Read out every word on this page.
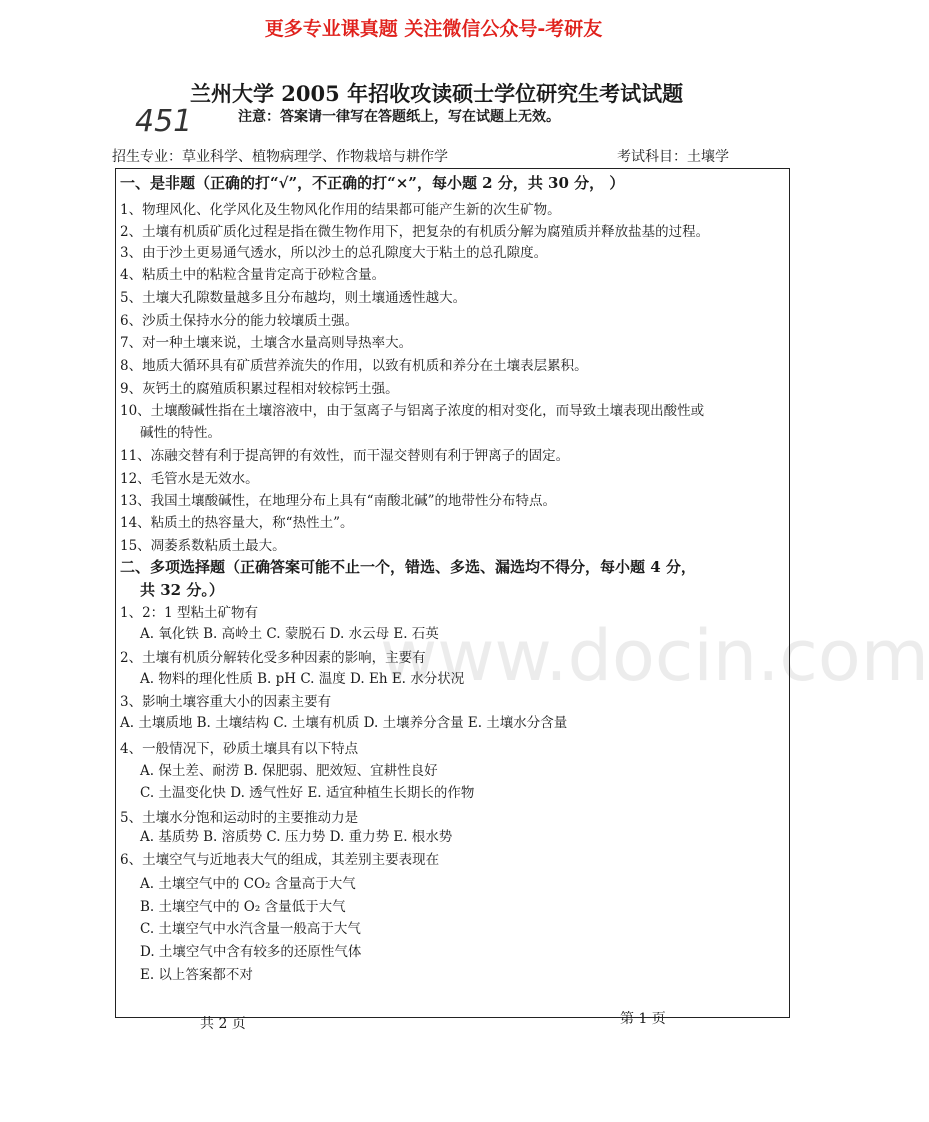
更多专业课真题 关注微信公众号-考研友
兰州大学 2005 年招收攻读硕士学位研究生考试试题
451	注意：答案请一律写在答题纸上，写在试题上无效。
招生专业：草业科学、植物病理学、作物栽培与耕作学	考试科目：土壤学
www.docin.com
一、是非题（正确的打“√”，不正确的打“×”，每小题 2 分，共 30 分， ）
1、物理风化、化学风化及生物风化作用的结果都可能产生新的次生矿物。
2、土壤有机质矿质化过程是指在微生物作用下，把复杂的有机质分解为腐殖质并释放盐基的过程。
3、由于沙土更易通气透水，所以沙土的总孔隙度大于粘土的总孔隙度。
4、粘质土中的粘粒含量肯定高于砂粒含量。
5、土壤大孔隙数量越多且分布越均，则土壤通透性越大。
6、沙质土保持水分的能力较壤质土强。
7、对一种土壤来说，土壤含水量高则导热率大。
8、地质大循环具有矿质营养流失的作用，以致有机质和养分在土壤表层累积。
9、灰钙土的腐殖质积累过程相对较棕钙土强。
10、土壤酸碱性指在土壤溶液中，由于氢离子与铝离子浓度的相对变化，而导致土壤表现出酸性或
碱性的特性。
11、冻融交替有利于提高钾的有效性，而干湿交替则有利于钾离子的固定。
12、毛管水是无效水。
13、我国土壤酸碱性，在地理分布上具有“南酸北碱”的地带性分布特点。
14、粘质土的热容量大，称“热性土”。
15、凋萎系数粘质土最大。
二、多项选择题（正确答案可能不止一个，错选、多选、漏选均不得分，每小题 4 分，
共 32 分。）
1、2：1 型粘土矿物有
A. 氧化铁 B. 高岭土 C. 蒙脱石 D. 水云母 E. 石英
2、土壤有机质分解转化受多种因素的影响，主要有
A. 物料的理化性质 B. pH C. 温度 D. Eh E. 水分状况
3、影响土壤容重大小的因素主要有
A. 土壤质地 B. 土壤结构 C. 土壤有机质 D. 土壤养分含量 E. 土壤水分含量
4、一般情况下，砂质土壤具有以下特点
A. 保土差、耐涝 B. 保肥弱、肥效短、宜耕性良好
C. 土温变化快 D. 透气性好 E. 适宜种植生长期长的作物
5、土壤水分饱和运动时的主要推动力是
A. 基质势 B. 溶质势 C. 压力势 D. 重力势 E. 根水势
6、土壤空气与近地表大气的组成，其差别主要表现在
A. 土壤空气中的 CO₂ 含量高于大气
B. 土壤空气中的 O₂ 含量低于大气
C. 土壤空气中水汽含量一般高于大气
D. 土壤空气中含有较多的还原性气体
E. 以上答案都不对
共 2 页	第 1 页
